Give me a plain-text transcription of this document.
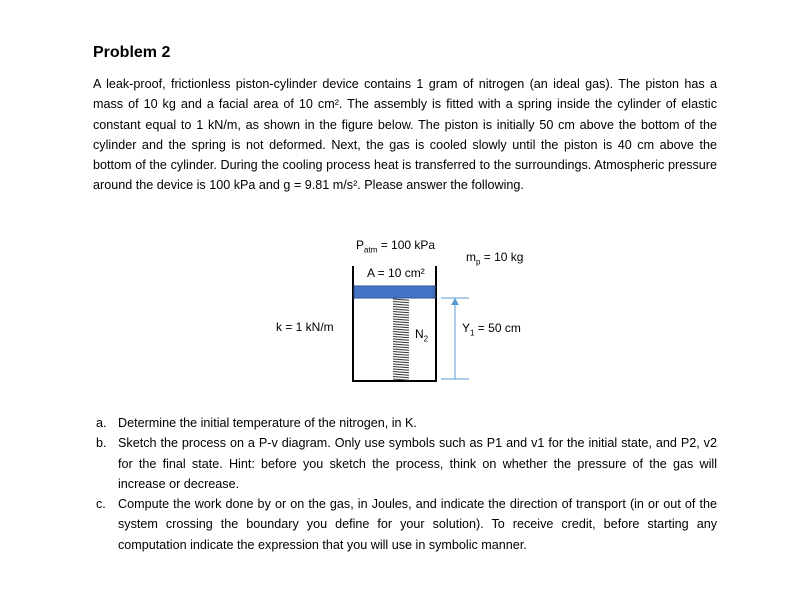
Problem 2
A leak-proof, frictionless piston-cylinder device contains 1 gram of nitrogen (an ideal gas). The piston has a mass of 10 kg and a facial area of 10 cm². The assembly is fitted with a spring inside the cylinder of elastic constant equal to 1 kN/m, as shown in the figure below. The piston is initially 50 cm above the bottom of the cylinder and the spring is not deformed. Next, the gas is cooled slowly until the piston is 40 cm above the bottom of the cylinder. During the cooling process heat is transferred to the surroundings. Atmospheric pressure around the device is 100 kPa and g = 9.81 m/s². Please answer the following.
$P_{atm} = 100$ kPa
A = 10 cm²
$m_p = 10$ kg
k = 1 kN/m	$N_2$
$Y_1 = 50$ cm
a. Determine the initial temperature of the nitrogen, in K.
b. Sketch the process on a P-v diagram. Only use symbols such as P1 and v1 for the initial state, and P2, v2 for the final state. Hint: before you sketch the process, think on whether the pressure of the gas will increase or decrease.
c. Compute the work done by or on the gas, in Joules, and indicate the direction of transport (in or out of the system crossing the boundary you define for your solution). To receive credit, before starting any computation indicate the expression that you will use in symbolic manner.
